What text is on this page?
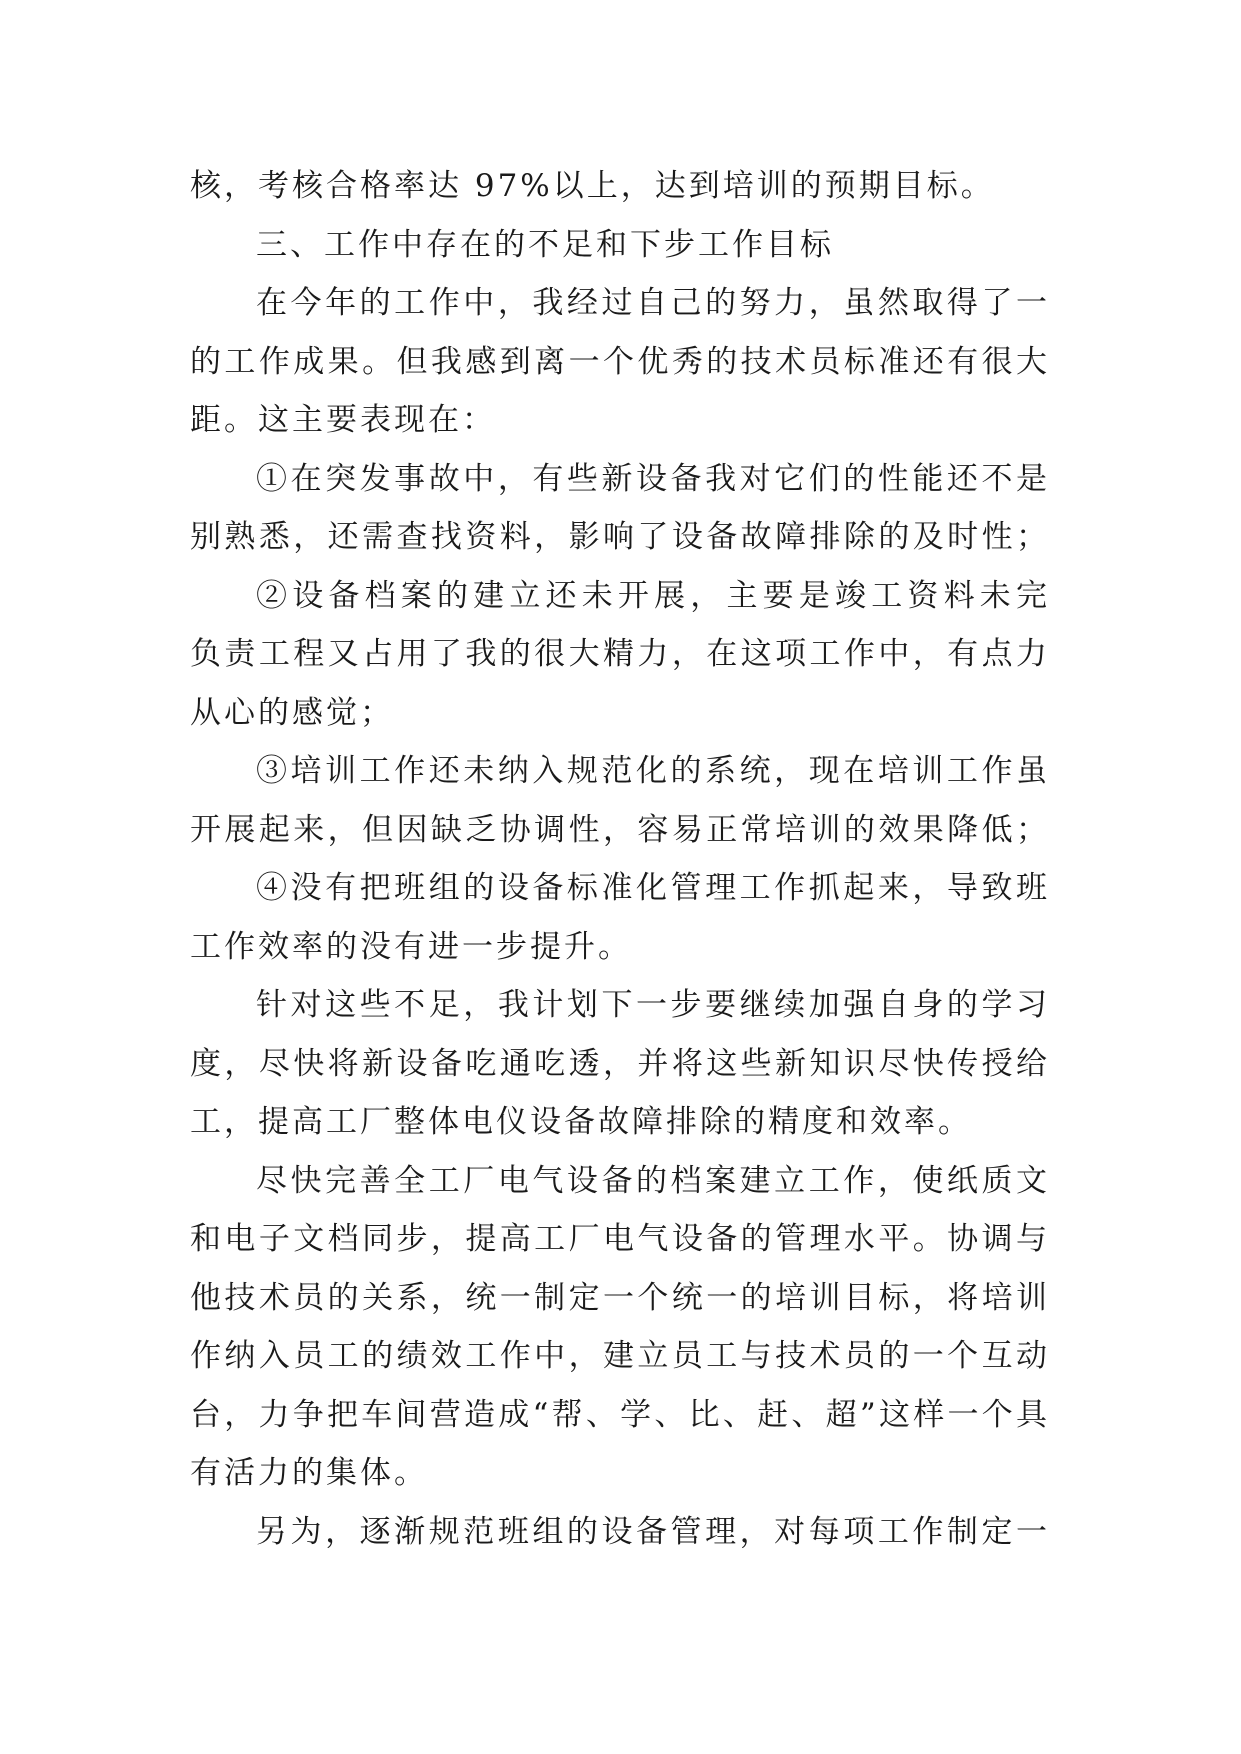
核，考核合格率达 97%以上，达到培训的预期目标。
三、工作中存在的不足和下步工作目标
在今年的工作中，我经过自己的努力，虽然取得了一
的工作成果。但我感到离一个优秀的技术员标准还有很大
距。这主要表现在：
①在突发事故中，有些新设备我对它们的性能还不是
别熟悉，还需查找资料，影响了设备故障排除的及时性；
②设备档案的建立还未开展，主要是竣工资料未完
负责工程又占用了我的很大精力，在这项工作中，有点力
从心的感觉；
③培训工作还未纳入规范化的系统，现在培训工作虽
开展起来，但因缺乏协调性，容易正常培训的效果降低；
④没有把班组的设备标准化管理工作抓起来，导致班
工作效率的没有进一步提升。
针对这些不足，我计划下一步要继续加强自身的学习
度，尽快将新设备吃通吃透，并将这些新知识尽快传授给
工，提高工厂整体电仪设备故障排除的精度和效率。
尽快完善全工厂电气设备的档案建立工作，使纸质文
和电子文档同步，提高工厂电气设备的管理水平。协调与
他技术员的关系，统一制定一个统一的培训目标，将培训
作纳入员工的绩效工作中，建立员工与技术员的一个互动
台，力争把车间营造成“帮、学、比、赶、超”这样一个具
有活力的集体。
另为，逐渐规范班组的设备管理，对每项工作制定一
